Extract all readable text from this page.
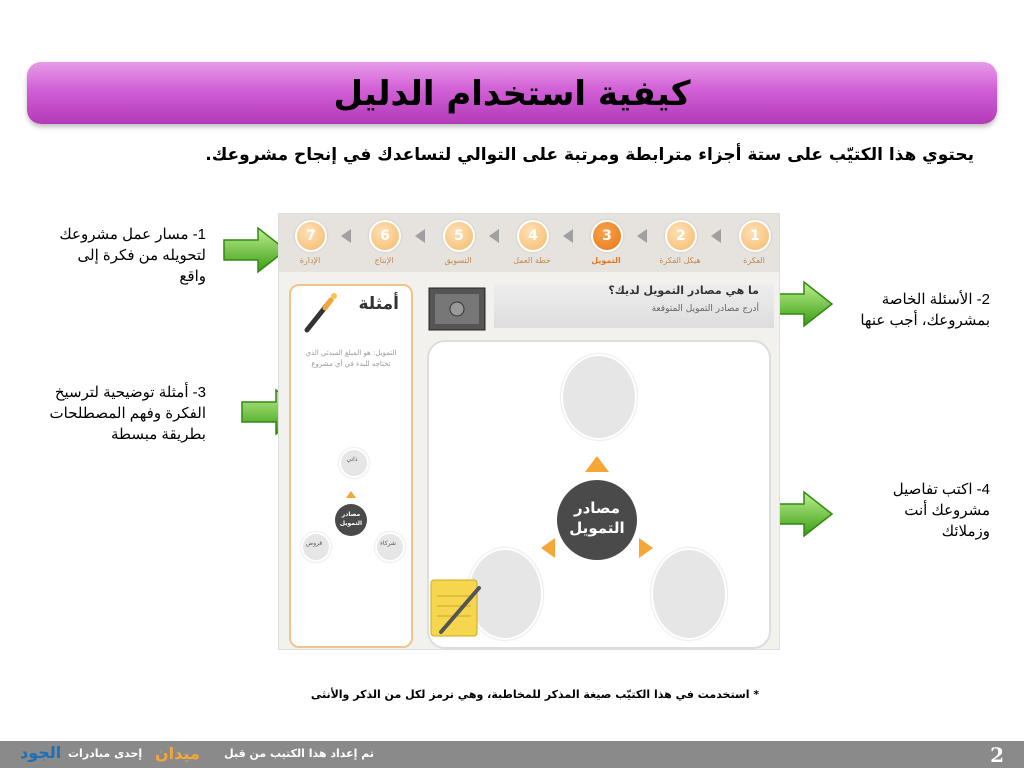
كيفية استخدام الدليل
يحتوي هذا الكتيّب على ستة أجزاء مترابطة ومرتبة على التوالي لتساعدك في إنجاح مشروعك.
1- مسار عمل مشروعك لتحويله من فكرة إلى واقع
2- الأسئلة الخاصة بمشروعك، أجب عنها
3- أمثلة توضيحية لترسيخ الفكرة وفهم المصطلحات بطريقة مبسطة
4- اكتب تفاصيل مشروعك أنت وزملائك
1
2
3
4
5
6
7
الفكرة
هيكل الفكرة
التمويل
خطة العمل
التسويق
الإنتاج
الإدارة
أمثلة
التمويل: هو المبلغ المبدئي الذي تحتاجه للبدء في أي مشروع
ذاتي
مصادر التمويل
شركاء
قروض
ما هي مصادر التمويل لديك؟
أدرج مصادر التمويل المتوقعة
مصادر التمويل
* استخدمت في هذا الكتيّب صيغة المذكر للمخاطبة، وهي ترمز لكل من الذكر والأنثى
الجود إحدى مبادرات ميدان تم إعداد هذا الكتيب من قبل	2
